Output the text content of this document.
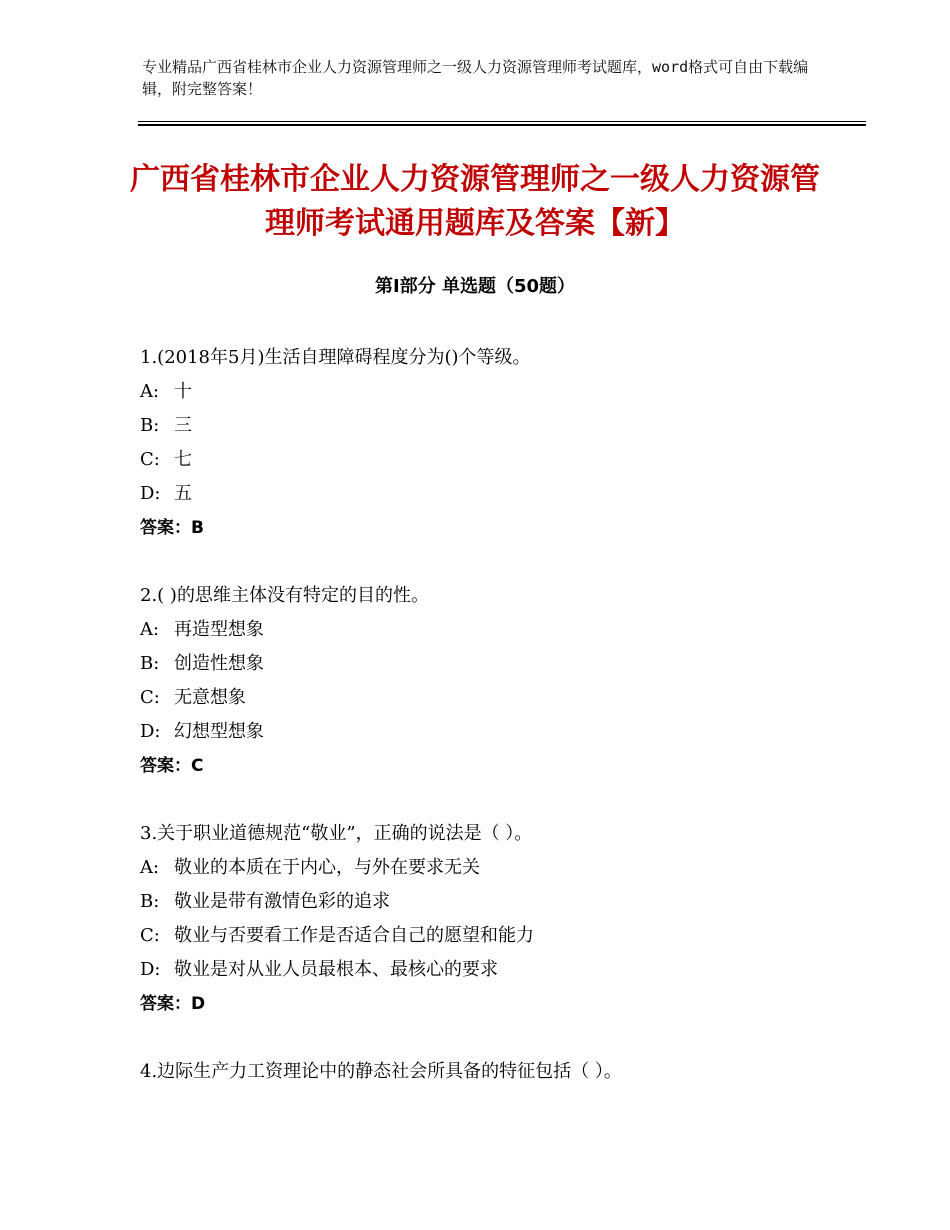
专业精品广西省桂林市企业人力资源管理师之一级人力资源管理师考试题库，word格式可自由下载编辑，附完整答案！
广西省桂林市企业人力资源管理师之一级人力资源管理师考试通用题库及答案【新】
第Ⅰ部分 单选题（50题）
1.(2018年5月)生活自理障碍程度分为()个等级。
A: 十
B: 三
C: 七
D: 五
答案：B
2.( )的思维主体没有特定的目的性。
A: 再造型想象
B: 创造性想象
C: 无意想象
D: 幻想型想象
答案：C
3.关于职业道德规范“敬业”，正确的说法是（ ）。
A: 敬业的本质在于内心，与外在要求无关
B: 敬业是带有激情色彩的追求
C: 敬业与否要看工作是否适合自己的愿望和能力
D: 敬业是对从业人员最根本、最核心的要求
答案：D
4.边际生产力工资理论中的静态社会所具备的特征包括（ ）。
